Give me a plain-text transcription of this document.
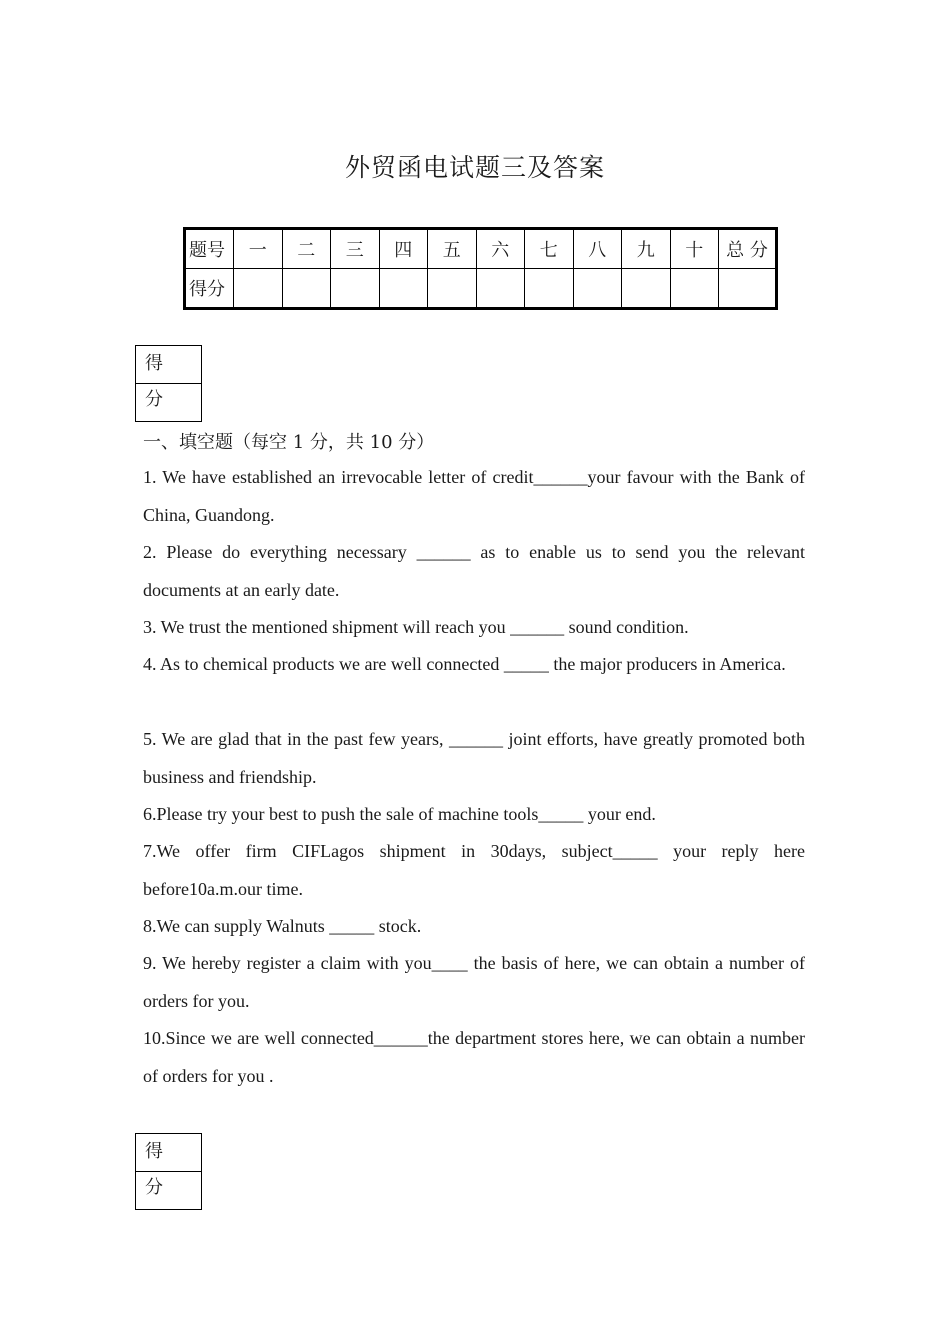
外贸函电试题三及答案
题号	一	二	三	四	五	六	七	八	九	十	总 分
得分											
得 分
一、填空题（每空 1 分，共 10 分）
1. We have established an irrevocable letter of credit______your favour with the Bank of China, Guandong.
2. Please do everything necessary ______ as to enable us to send you the relevant documents at an early date.
3. We trust the mentioned shipment will reach you ______ sound condition.
4. As to chemical products we are well connected _____ the major producers in America.
5. We are glad that in the past few years, ______ joint efforts, have greatly promoted both business and friendship.
6.Please try your best to push the sale of machine tools_____ your end.
7.We offer firm CIFLagos shipment in 30days, subject_____ your reply here before10a.m.our time.
8.We can supply Walnuts _____ stock.
9. We hereby register a claim with you____ the basis of here, we can obtain a number of orders for you.
10.Since we are well connected______the department stores here, we can obtain a number of orders for you .
得 分
